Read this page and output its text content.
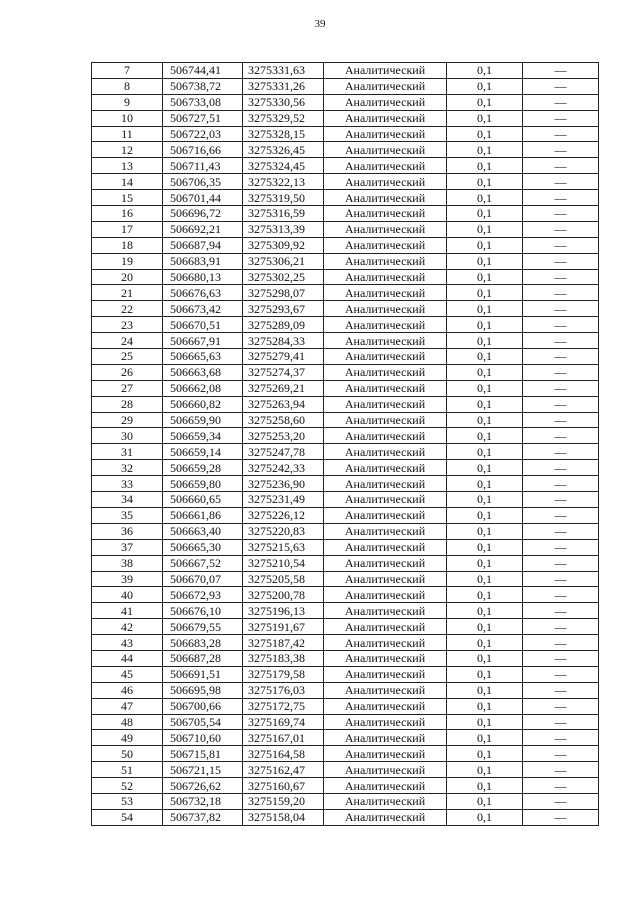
39
7	506744,41	3275331,63	Аналитический	0,1	—
8	506738,72	3275331,26	Аналитический	0,1	—
9	506733,08	3275330,56	Аналитический	0,1	—
10	506727,51	3275329,52	Аналитический	0,1	—
11	506722,03	3275328,15	Аналитический	0,1	—
12	506716,66	3275326,45	Аналитический	0,1	—
13	506711,43	3275324,45	Аналитический	0,1	—
14	506706,35	3275322,13	Аналитический	0,1	—
15	506701,44	3275319,50	Аналитический	0,1	—
16	506696,72	3275316,59	Аналитический	0,1	—
17	506692,21	3275313,39	Аналитический	0,1	—
18	506687,94	3275309,92	Аналитический	0,1	—
19	506683,91	3275306,21	Аналитический	0,1	—
20	506680,13	3275302,25	Аналитический	0,1	—
21	506676,63	3275298,07	Аналитический	0,1	—
22	506673,42	3275293,67	Аналитический	0,1	—
23	506670,51	3275289,09	Аналитический	0,1	—
24	506667,91	3275284,33	Аналитический	0,1	—
25	506665,63	3275279,41	Аналитический	0,1	—
26	506663,68	3275274,37	Аналитический	0,1	—
27	506662,08	3275269,21	Аналитический	0,1	—
28	506660,82	3275263,94	Аналитический	0,1	—
29	506659,90	3275258,60	Аналитический	0,1	—
30	506659,34	3275253,20	Аналитический	0,1	—
31	506659,14	3275247,78	Аналитический	0,1	—
32	506659,28	3275242,33	Аналитический	0,1	—
33	506659,80	3275236,90	Аналитический	0,1	—
34	506660,65	3275231,49	Аналитический	0,1	—
35	506661,86	3275226,12	Аналитический	0,1	—
36	506663,40	3275220,83	Аналитический	0,1	—
37	506665,30	3275215,63	Аналитический	0,1	—
38	506667,52	3275210,54	Аналитический	0,1	—
39	506670,07	3275205,58	Аналитический	0,1	—
40	506672,93	3275200,78	Аналитический	0,1	—
41	506676,10	3275196,13	Аналитический	0,1	—
42	506679,55	3275191,67	Аналитический	0,1	—
43	506683,28	3275187,42	Аналитический	0,1	—
44	506687,28	3275183,38	Аналитический	0,1	—
45	506691,51	3275179,58	Аналитический	0,1	—
46	506695,98	3275176,03	Аналитический	0,1	—
47	506700,66	3275172,75	Аналитический	0,1	—
48	506705,54	3275169,74	Аналитический	0,1	—
49	506710,60	3275167,01	Аналитический	0,1	—
50	506715,81	3275164,58	Аналитический	0,1	—
51	506721,15	3275162,47	Аналитический	0,1	—
52	506726,62	3275160,67	Аналитический	0,1	—
53	506732,18	3275159,20	Аналитический	0,1	—
54	506737,82	3275158,04	Аналитический	0,1	—
